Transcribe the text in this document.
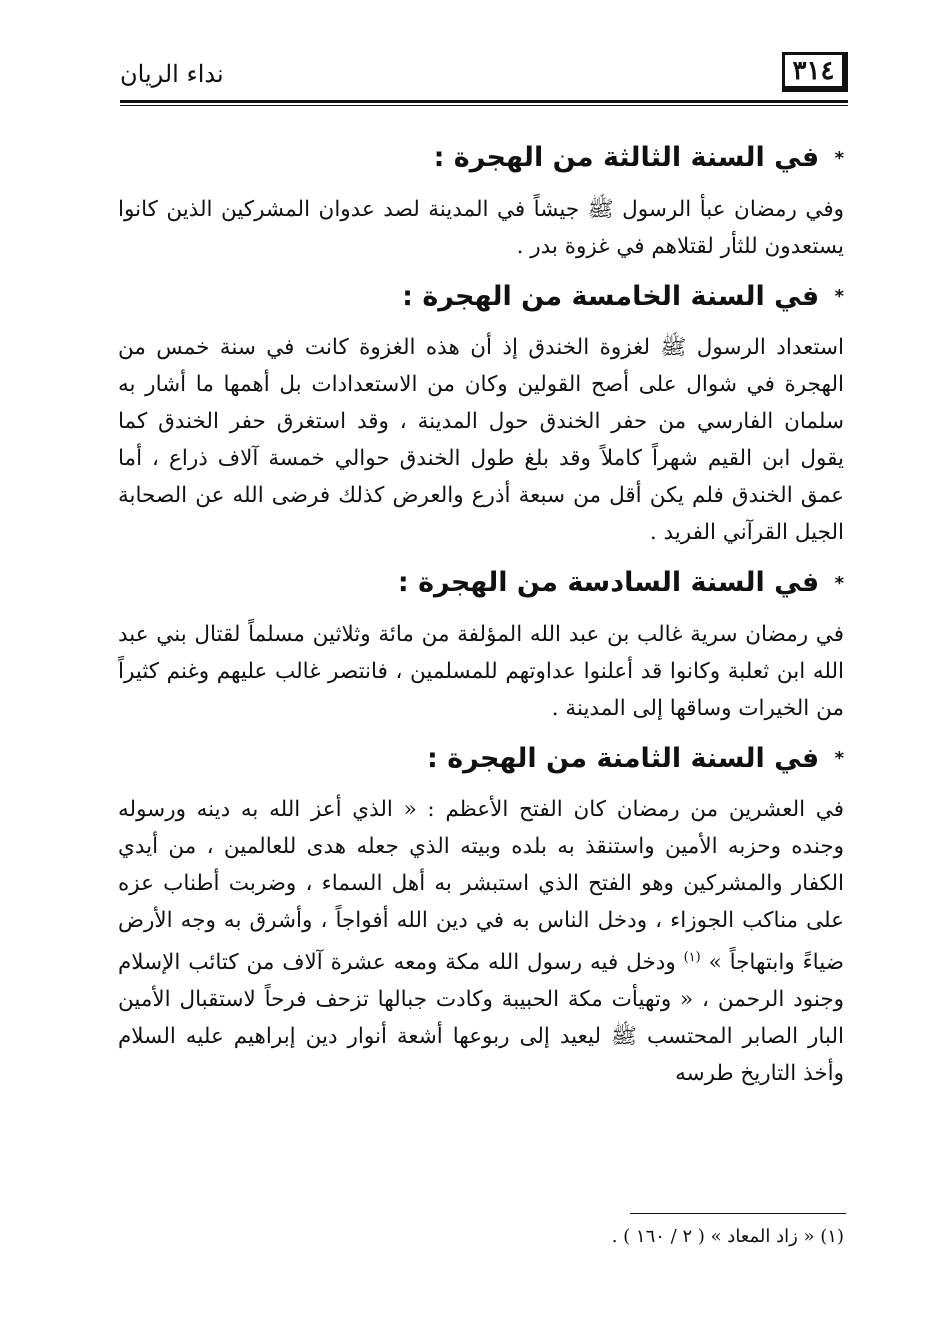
٣١٤
نداء الريان
* في السنة الثالثة من الهجرة :

وفي رمضان عبأ الرسول ﷺ جيشاً في المدينة لصد عدوان المشركين الذين كانوا يستعدون للثأر لقتلاهم في غزوة بدر .

* في السنة الخامسة من الهجرة :

استعداد الرسول ﷺ لغزوة الخندق إذ أن هذه الغزوة كانت في سنة خمس من الهجرة في شوال على أصح القولين وكان من الاستعدادات بل أهمها ما أشار به سلمان الفارسي من حفر الخندق حول المدينة ، وقد استغرق حفر الخندق كما يقول ابن القيم شهراً كاملاً وقد بلغ طول الخندق حوالي خمسة آلاف ذراع ، أما عمق الخندق فلم يكن أقل من سبعة أذرع والعرض كذلك فرضى الله عن الصحابة الجيل القرآني الفريد .

* في السنة السادسة من الهجرة :

في رمضان سرية غالب بن عبد الله المؤلفة من مائة وثلاثين مسلماً لقتال بني عبد الله ابن ثعلبة وكانوا قد أعلنوا عداوتهم للمسلمين ، فانتصر غالب عليهم وغنم كثيراً من الخيرات وساقها إلى المدينة .

* في السنة الثامنة من الهجرة :

في العشرين من رمضان كان الفتح الأعظم : « الذي أعز الله به دينه ورسوله وجنده وحزبه الأمين واستنقذ به بلده وبيته الذي جعله هدى للعالمين ، من أيدي الكفار والمشركين وهو الفتح الذي استبشر به أهل السماء ، وضربت أطناب عزه على مناكب الجوزاء ، ودخل الناس به في دين الله أفواجاً ، وأشرق به وجه الأرض ضياءً وابتهاجاً » $^{(١)}$ ودخل فيه رسول الله مكة ومعه عشرة آلاف من كتائب الإسلام وجنود الرحمن ، « وتهيأت مكة الحبيبة وكادت جبالها تزحف فرحاً لاستقبال الأمين البار الصابر المحتسب ﷺ ليعيد إلى ربوعها أشعة أنوار دين إبراهيم عليه السلام وأخذ التاريخ طرسه

(١) « زاد المعاد » ( ٢ / ١٦٠ ) .
